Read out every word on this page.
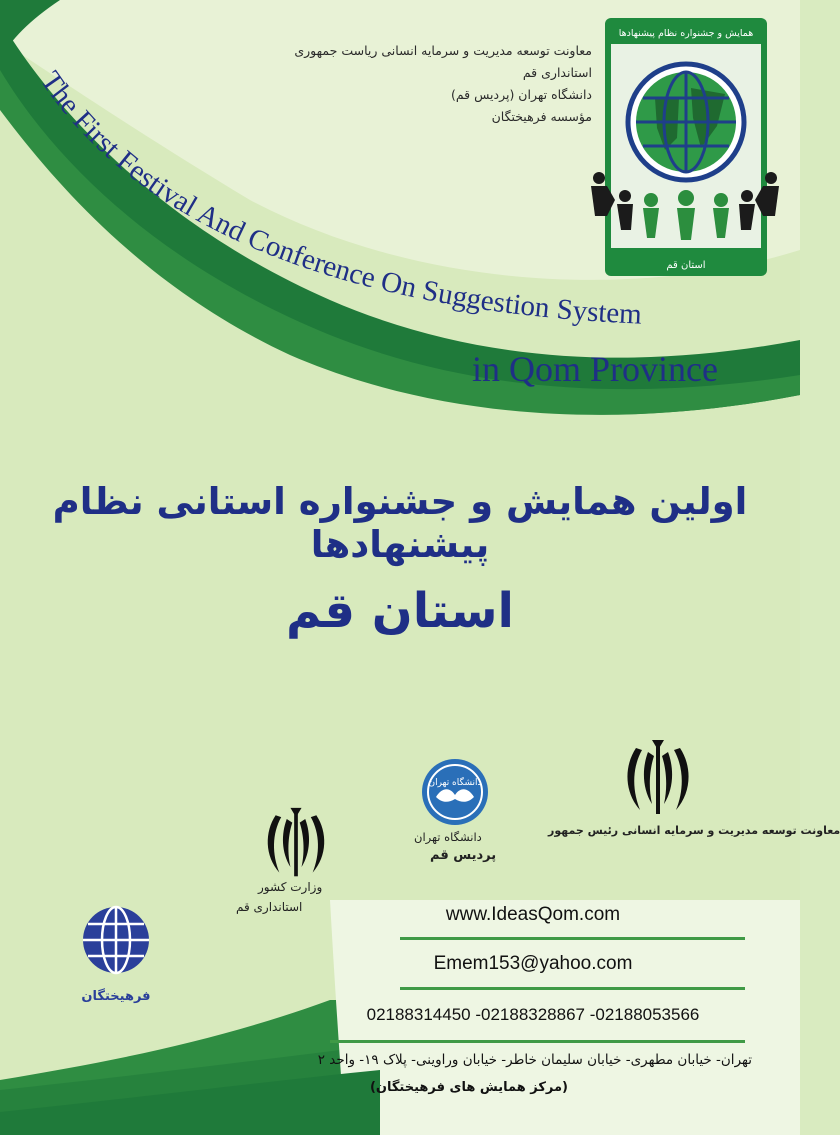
The First Festival And Conference On Suggestion System
in Qom Province
معاونت توسعه مدیریت و سرمایه انسانی ریاست جمهوری
استانداری قم
دانشگاه تهران (پردیس قم)
مؤسسه فرهیختگان
همایش و جشنواره نظام پیشنهادها
استان قم
اولین همایش و جشنواره استانی نظام پیشنهادها
استان قم
معاونت توسعه مدیریت و سرمایه انسانی رئیس جمهور
دانشگاه تهران
دانشگاه تهران
پردیس قم
وزارت کشور
استانداری قم
فرهیختگان
www.IdeasQom.com
Emem153@yahoo.com
02188314450 -02188328867 -02188053566
تهران- خیابان مطهری- خیابان سلیمان خاطر- خیابان وراوینی- پلاک ۱۹- واحد ۲
(مرکز همایش های فرهیختگان)
